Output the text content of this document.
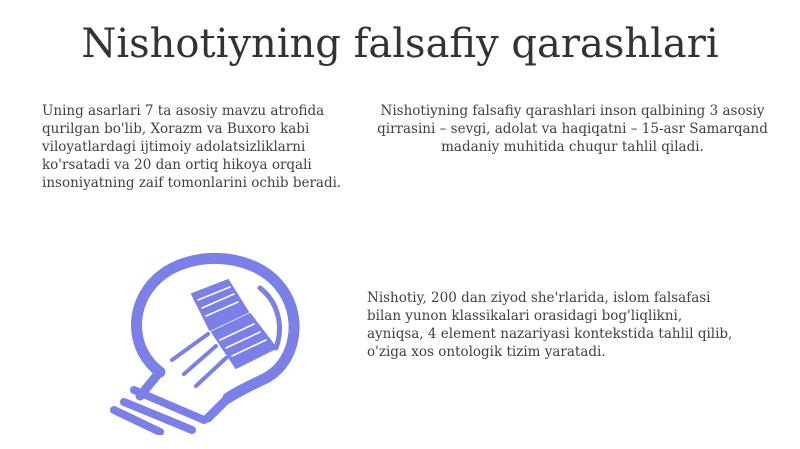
Nishotiyning falsafiy qarashlari

Uning asarlari 7 ta asosiy mavzu atrofida qurilgan bo'lib, Xorazm va Buxoro kabi viloyatlardagi ijtimoiy adolatsizliklarni ko'rsatadi va 20 dan ortiq hikoya orqali insoniyatning zaif tomonlarini ochib beradi.

Nishotiyning falsafiy qarashlari inson qalbining 3 asosiy qirrasini – sevgi, adolat va haqiqatni – 15-asr Samarqand madaniy muhitida chuqur tahlil qiladi.

Nishotiy, 200 dan ziyod she'rlarida, islom falsafasi bilan yunon klassikalari orasidagi bog'liqlikni, ayniqsa, 4 element nazariyasi kontekstida tahlil qilib, o'ziga xos ontologik tizim yaratadi.
